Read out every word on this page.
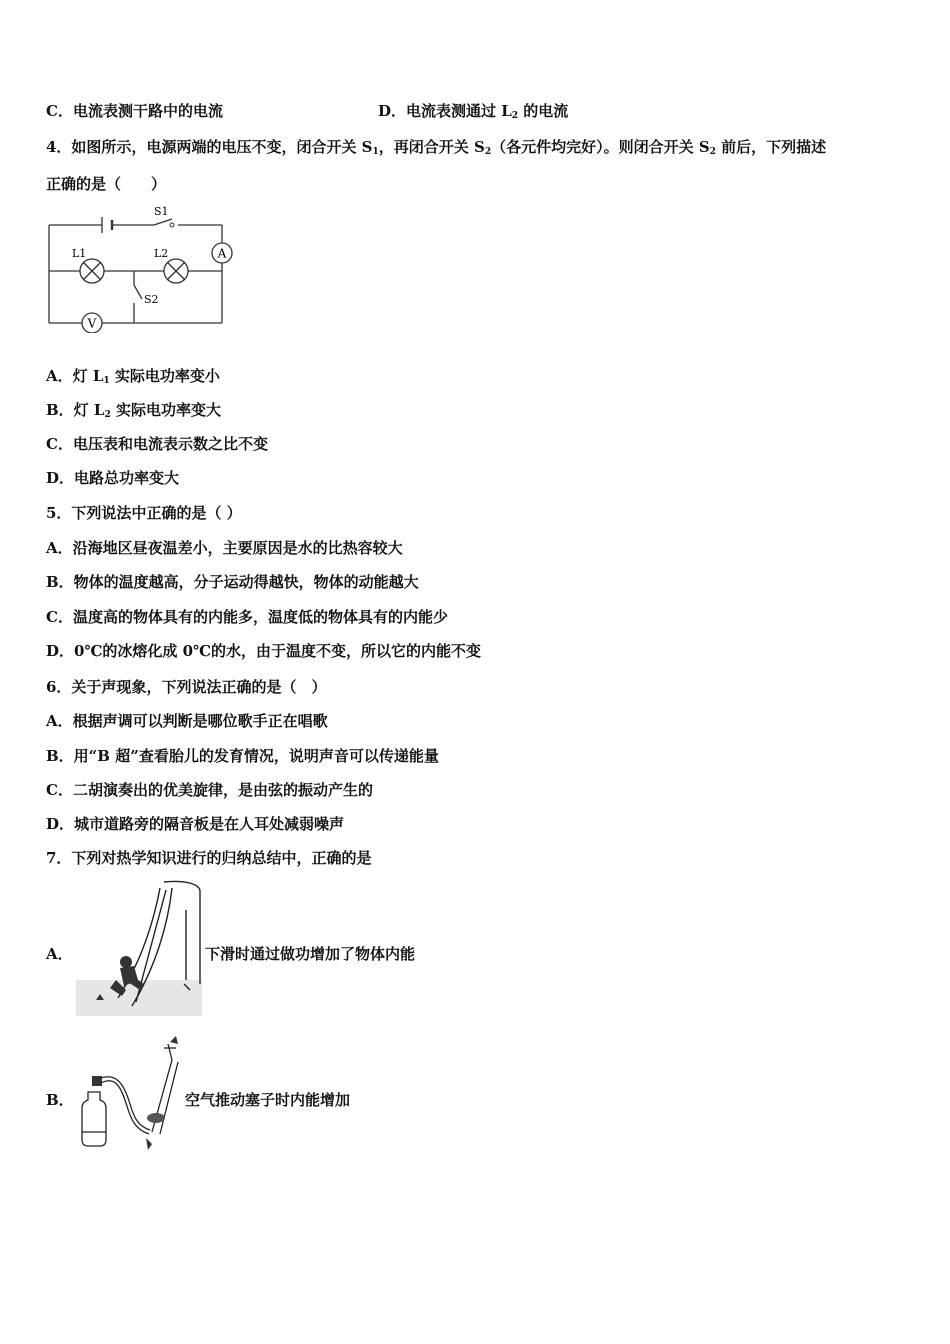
C．电流表测干路中的电流	D．电流表测通过 $L_2$ 的电流
4．如图所示，电源两端的电压不变，闭合开关 $S_1$，再闭合开关 $S_2$（各元件均完好）。则闭合开关 $S_2$ 前后，下列描述
正确的是（　　）
A
V
S1
L1	L2
S2
A．灯 $L_1$ 实际电功率变小
B．灯 $L_2$ 实际电功率变大
C．电压表和电流表示数之比不变
D．电路总功率变大
5．下列说法中正确的是（ ）
A．沿海地区昼夜温差小，主要原因是水的比热容较大
B．物体的温度越高，分子运动得越快，物体的动能越大
C．温度高的物体具有的内能多，温度低的物体具有的内能少
D．0℃的冰熔化成 0℃的水，由于温度不变，所以它的内能不变
6．关于声现象，下列说法正确的是（　）
A．根据声调可以判断是哪位歌手正在唱歌
B．用“B 超”查看胎儿的发育情况，说明声音可以传递能量
C．二胡演奏出的优美旋律，是由弦的振动产生的
D．城市道路旁的隔音板是在人耳处减弱噪声
7．下列对热学知识进行的归纳总结中，正确的是
A．	下滑时通过做功增加了物体内能
B．	空气推动塞子时内能增加
